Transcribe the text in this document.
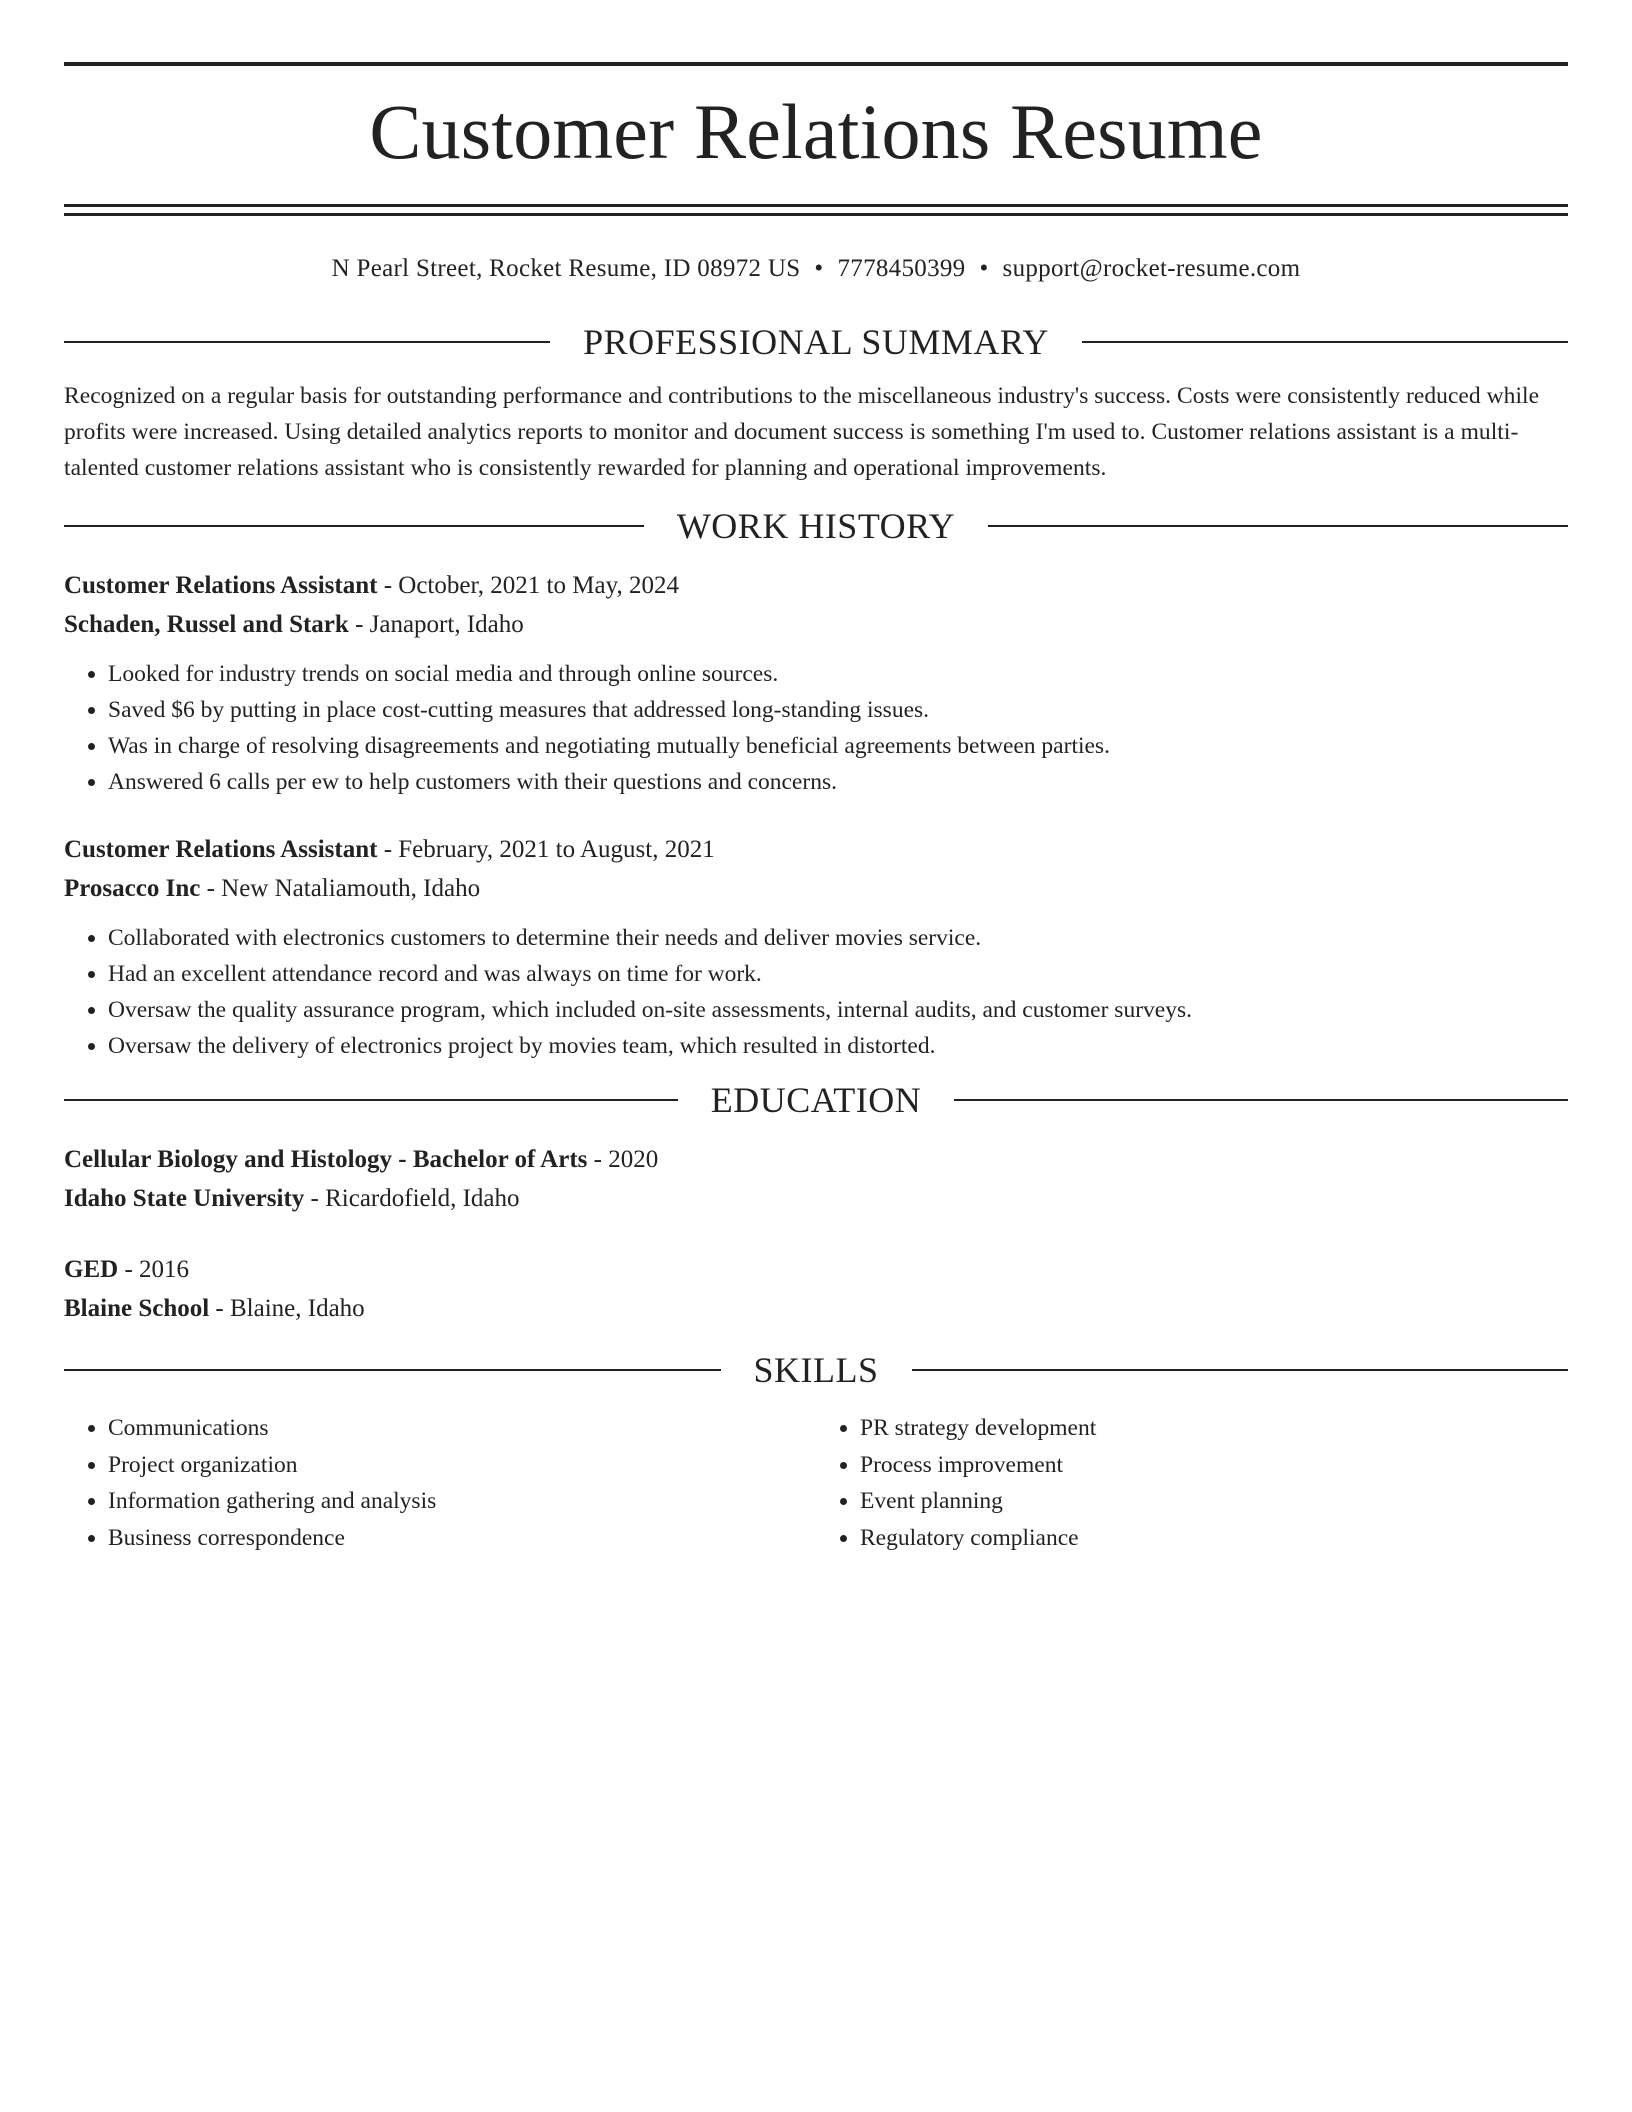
Customer Relations Resume
N Pearl Street, Rocket Resume, ID 08972 US • 7778450399 • support@rocket-resume.com
PROFESSIONAL SUMMARY
Recognized on a regular basis for outstanding performance and contributions to the miscellaneous industry's success. Costs were consistently reduced while profits were increased. Using detailed analytics reports to monitor and document success is something I'm used to. Customer relations assistant is a multi-talented customer relations assistant who is consistently rewarded for planning and operational improvements.
WORK HISTORY
Customer Relations Assistant - October, 2021 to May, 2024
Schaden, Russel and Stark - Janaport, Idaho
• Looked for industry trends on social media and through online sources.
• Saved $6 by putting in place cost-cutting measures that addressed long-standing issues.
• Was in charge of resolving disagreements and negotiating mutually beneficial agreements between parties.
• Answered 6 calls per ew to help customers with their questions and concerns.
Customer Relations Assistant - February, 2021 to August, 2021
Prosacco Inc - New Nataliamouth, Idaho
• Collaborated with electronics customers to determine their needs and deliver movies service.
• Had an excellent attendance record and was always on time for work.
• Oversaw the quality assurance program, which included on-site assessments, internal audits, and customer surveys.
• Oversaw the delivery of electronics project by movies team, which resulted in distorted.
EDUCATION
Cellular Biology and Histology - Bachelor of Arts - 2020
Idaho State University - Ricardofield, Idaho
GED - 2016
Blaine School - Blaine, Idaho
SKILLS
• Communications
• Project organization
• Information gathering and analysis
• Business correspondence
• PR strategy development
• Process improvement
• Event planning
• Regulatory compliance
